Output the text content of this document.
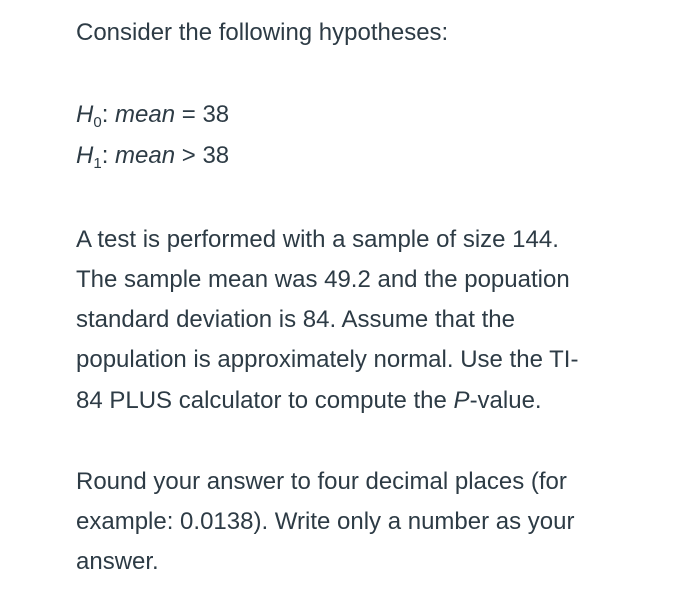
Consider the following hypotheses:
$H_0$: mean = 38
$H_1$: mean > 38
A test is performed with a sample of size 144.
The sample mean was 49.2 and the popuation
standard deviation is 84. Assume that the
population is approximately normal. Use the TI-
84 PLUS calculator to compute the P-value.
Round your answer to four decimal places (for
example: 0.0138). Write only a number as your
answer.
